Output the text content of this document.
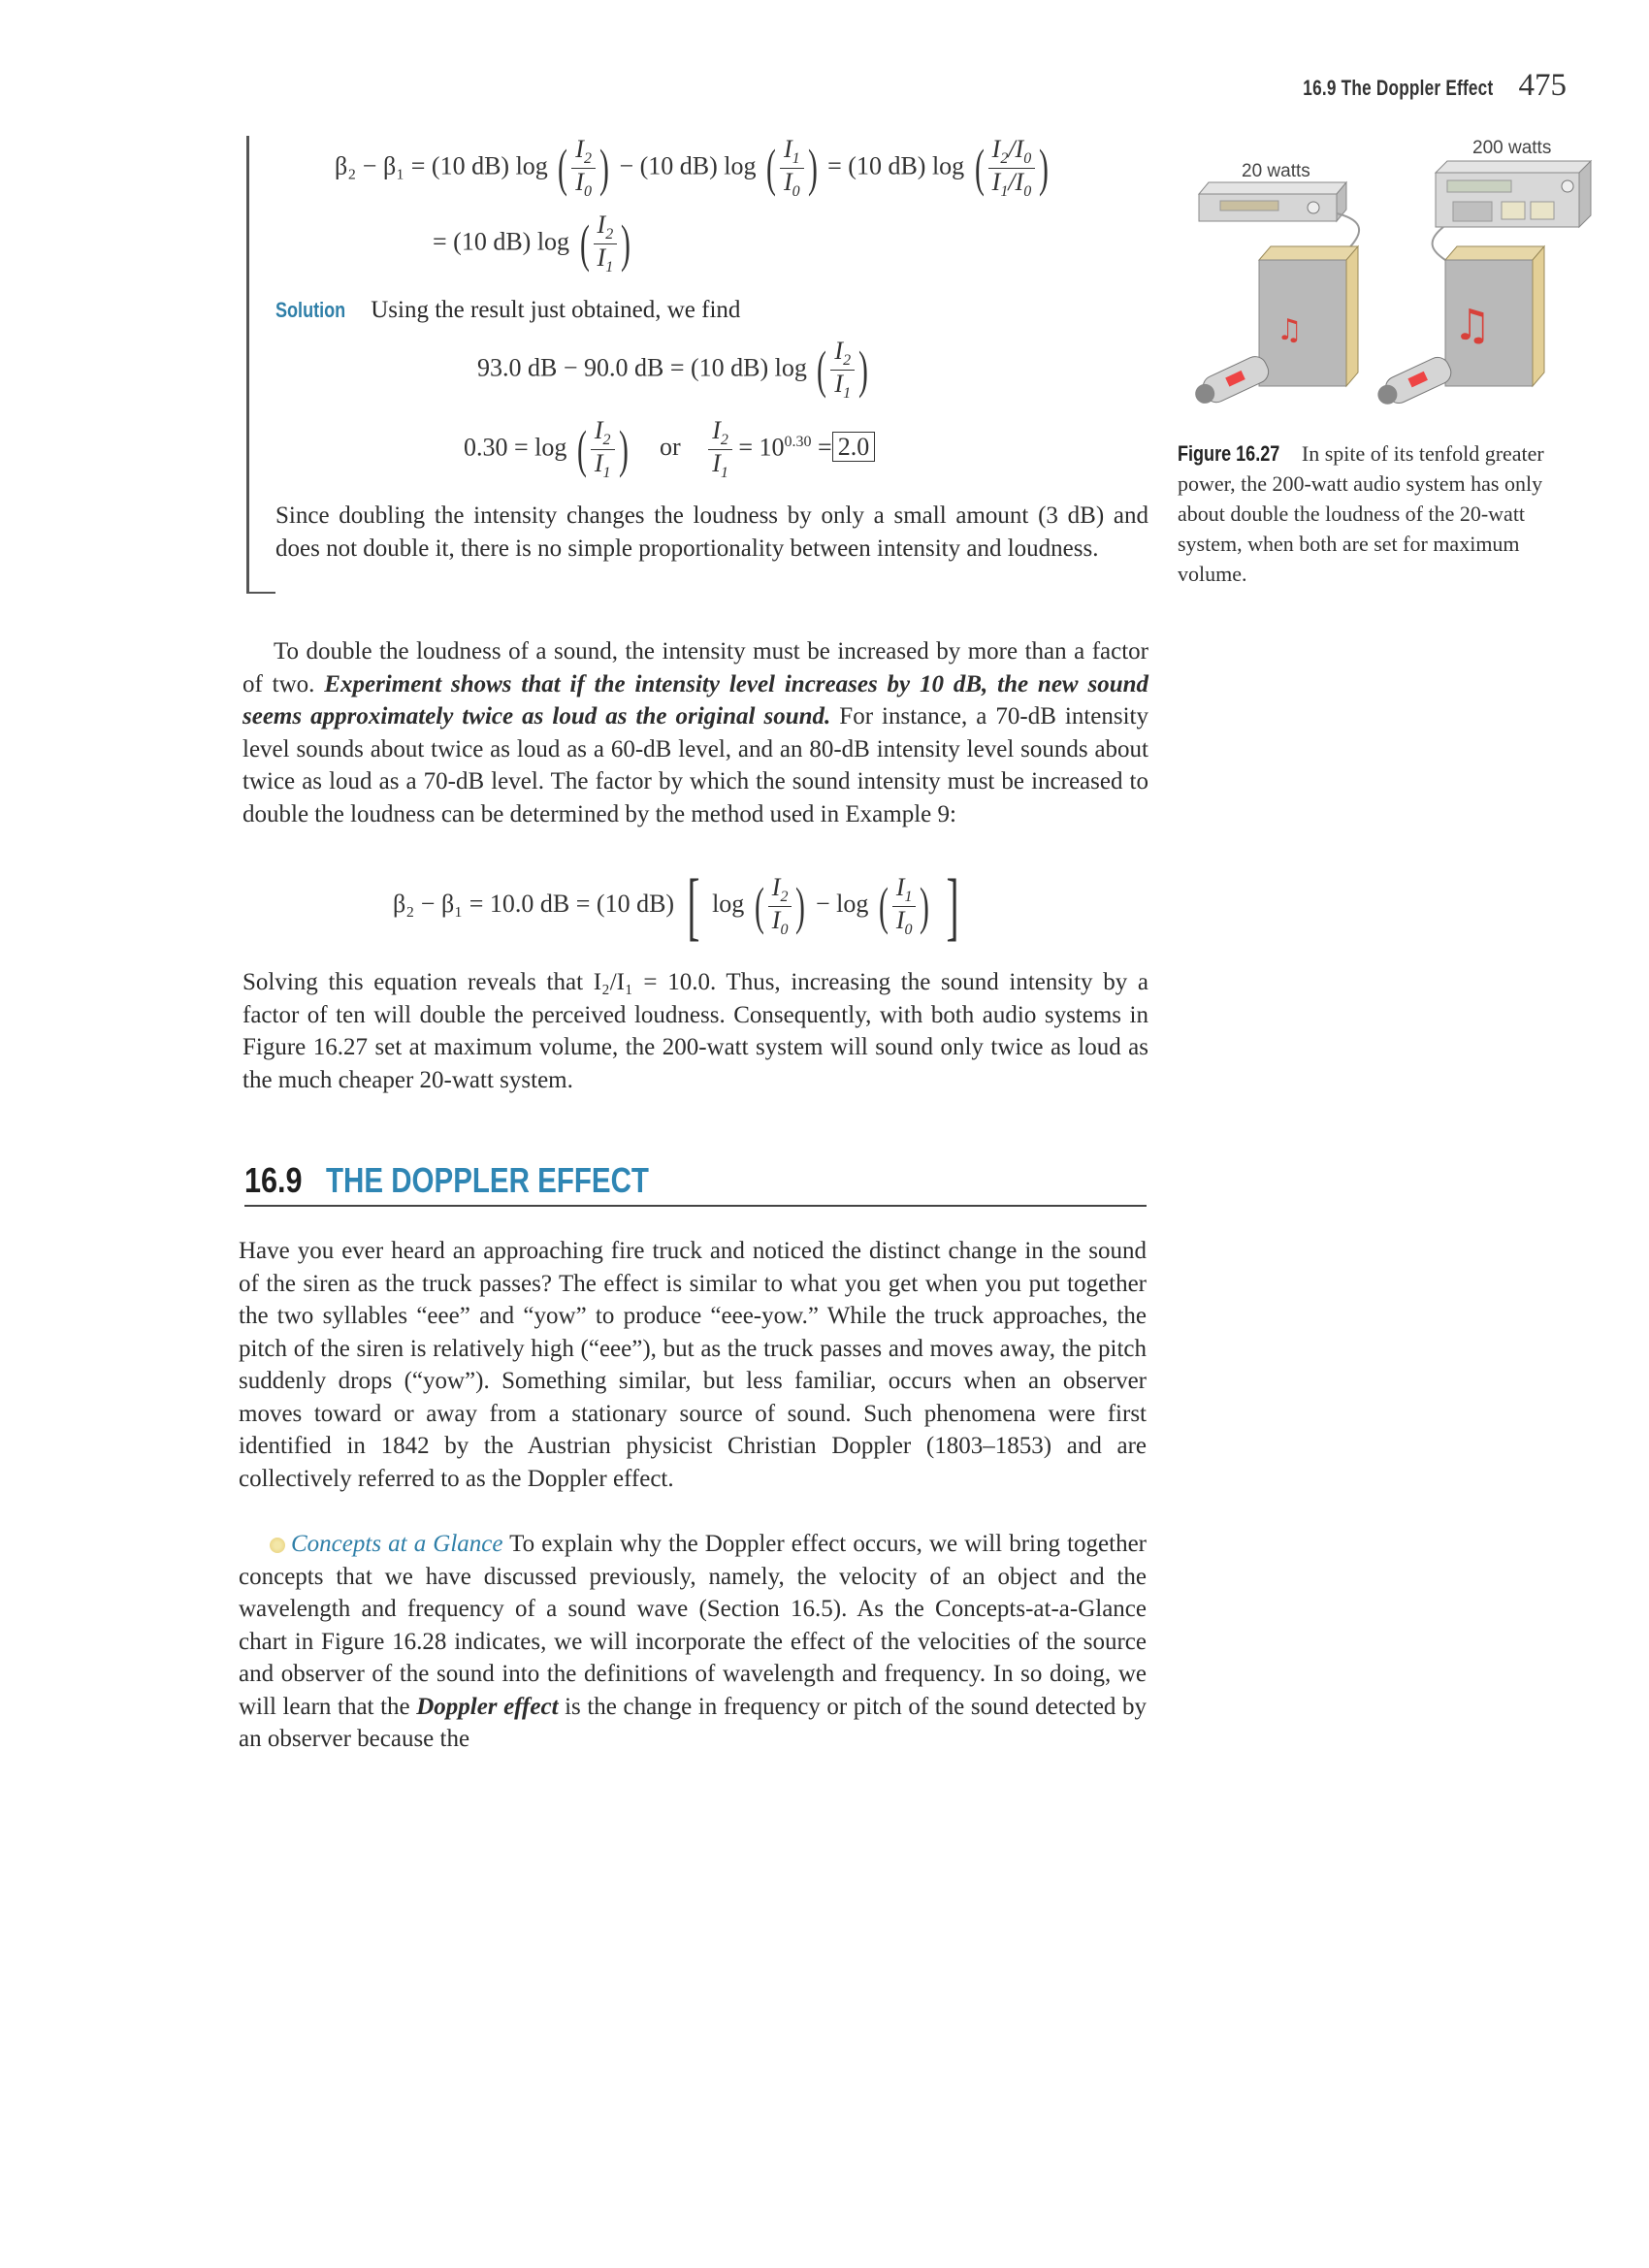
16.9 The Doppler Effect 475
β₂ − β₁ = (10 dB) log ( $\frac{I_2}{I_0}$ ) − (10 dB) log ( $\frac{I_1}{I_0}$ ) = (10 dB) log ( $\frac{I_2/I_0}{I_1/I_0}$ )
= (10 dB) log ( $\frac{I_2}{I_1}$ )
Solution Using the result just obtained, we find
93.0 dB − 90.0 dB = (10 dB) log ( $\frac{I_2}{I_1}$ )
0.30 = log ( $\frac{I_2}{I_1}$ ) or $\frac{I_2}{I_1} = 10^{0.30} = 2.0$
Since doubling the intensity changes the loudness by only a small amount (3 dB) and does not double it, there is no simple proportionality between intensity and loudness.
To double the loudness of a sound, the intensity must be increased by more than a factor of two. Experiment shows that if the intensity level increases by 10 dB, the new sound seems approximately twice as loud as the original sound. For instance, a 70-dB intensity level sounds about twice as loud as a 60-dB level, and an 80-dB intensity level sounds about twice as loud as a 70-dB level. The factor by which the sound intensity must be increased to double the loudness can be determined by the method used in Example 9:
β₂ − β₁ = 10.0 dB = (10 dB) [ log ( $\frac{I_2}{I_0}$ ) − log ( $\frac{I_1}{I_0}$ ) ]
Solving this equation reveals that I₂/I₁ = 10.0. Thus, increasing the sound intensity by a factor of ten will double the perceived loudness. Consequently, with both audio systems in Figure 16.27 set at maximum volume, the 200-watt system will sound only twice as loud as the much cheaper 20-watt system.
16.9 THE DOPPLER EFFECT
Have you ever heard an approaching fire truck and noticed the distinct change in the sound of the siren as the truck passes? The effect is similar to what you get when you put together the two syllables “eee” and “yow” to produce “eee-yow.” While the truck approaches, the pitch of the siren is relatively high (“eee”), but as the truck passes and moves away, the pitch suddenly drops (“yow”). Something similar, but less familiar, occurs when an observer moves toward or away from a stationary source of sound. Such phenomena were first identified in 1842 by the Austrian physicist Christian Doppler (1803–1853) and are collectively referred to as the Doppler effect.
Concepts at a Glance To explain why the Doppler effect occurs, we will bring together concepts that we have discussed previously, namely, the velocity of an object and the wavelength and frequency of a sound wave (Section 16.5). As the Concepts-at-a-Glance chart in Figure 16.28 indicates, we will incorporate the effect of the velocities of the source and observer of the sound into the definitions of wavelength and frequency. In so doing, we will learn that the Doppler effect is the change in frequency or pitch of the sound detected by an observer because the
♫	♫
20 watts
200 watts
Figure 16.27 In spite of its tenfold greater power, the 200-watt audio system has only about double the loudness of the 20-watt system, when both are set for maximum volume.
